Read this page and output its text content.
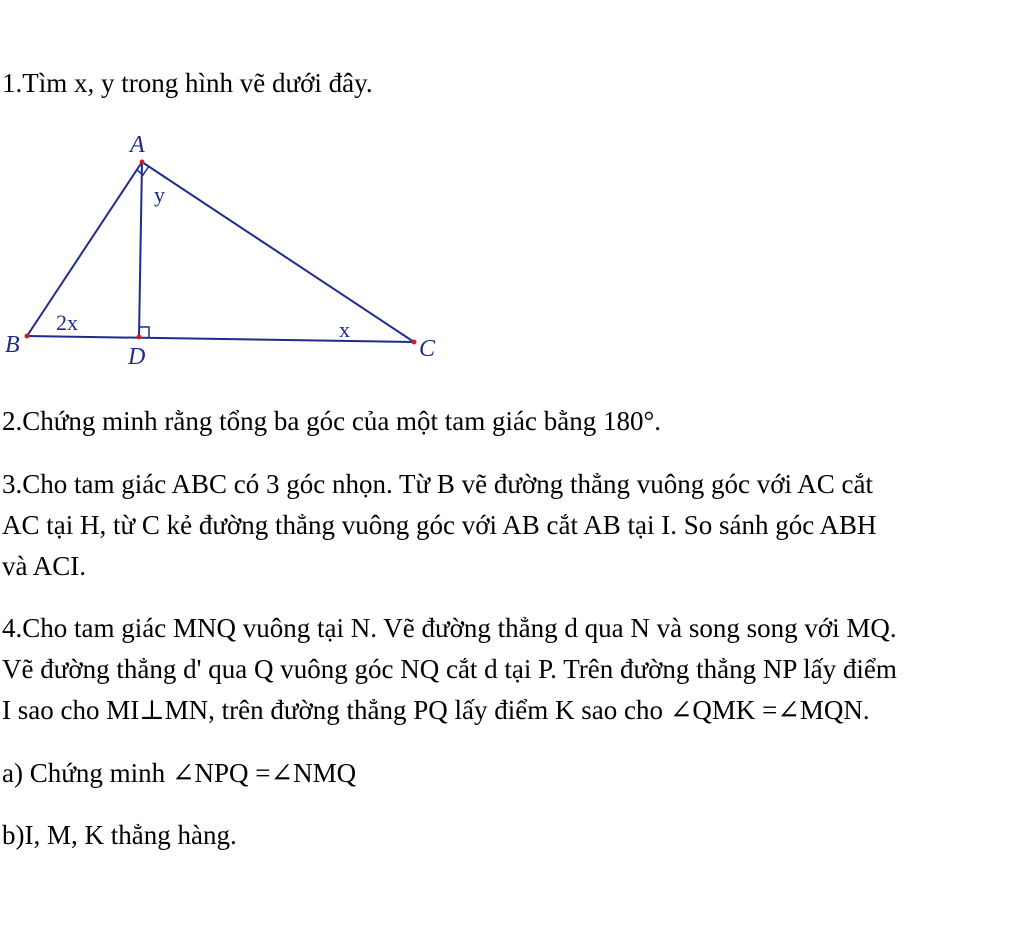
1.Tìm x, y trong hình vẽ dưới đây.
A
B	C
D
y
2x	x
2.Chứng minh rằng tổng ba góc của một tam giác bằng 180°.
3.Cho tam giác ABC có 3 góc nhọn. Từ B vẽ đường thẳng vuông góc với AC cắt
AC tại H, từ C kẻ đường thẳng vuông góc với AB cắt AB tại I. So sánh góc ABH
và ACI.
4.Cho tam giác MNQ vuông tại N. Vẽ đường thẳng d qua N và song song với MQ.
Vẽ đường thẳng d' qua Q vuông góc NQ cắt d tại P. Trên đường thẳng NP lấy điểm
I sao cho MI⊥MN, trên đường thẳng PQ lấy điểm K sao cho ∠QMK =∠MQN.
a) Chứng minh ∠NPQ =∠NMQ
b)I, M, K thẳng hàng.
